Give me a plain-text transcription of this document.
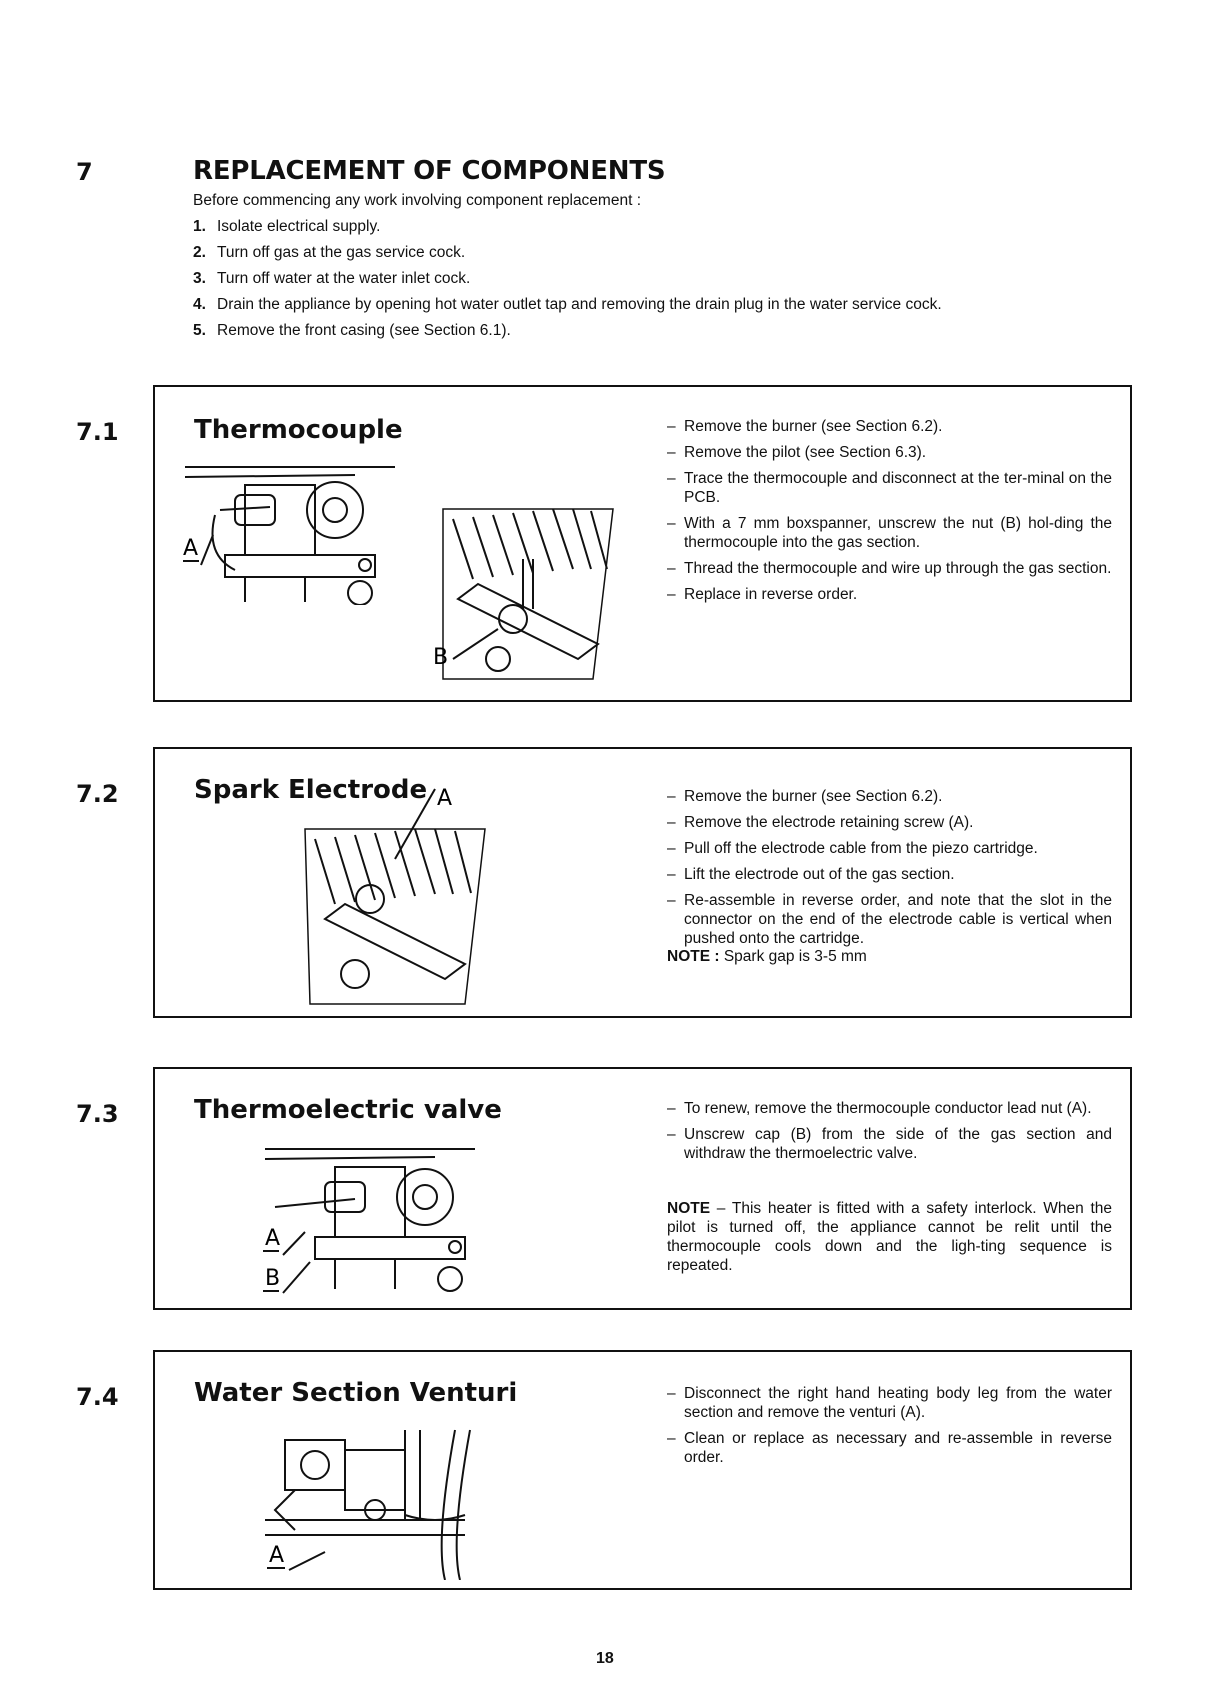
7	REPLACEMENT OF COMPONENTS
Before commencing any work involving component replacement :
1. Isolate electrical supply.
2. Turn off gas at the gas service cock.
3. Turn off water at the water inlet cock.
4. Drain the appliance by opening hot water outlet tap and removing the drain plug in the water service cock.
5. Remove the front casing (see Section 6.1).
7.1	Thermocouple
A
B
– Remove the burner (see Section 6.2).
– Remove the pilot (see Section 6.3).
– Trace the thermocouple and disconnect at the ter-minal on the PCB.
– With a 7 mm boxspanner, unscrew the nut (B) hol-ding the thermocouple into the gas section.
– Thread the thermocouple and wire up through the gas section.
– Replace in reverse order.
7.2	Spark Electrode A	– Remove the burner (see Section 6.2).
– Remove the electrode retaining screw (A).
– Pull off the electrode cable from the piezo cartridge.
– Lift the electrode out of the gas section.
– Re-assemble in reverse order, and note that the slot in the connector on the end of the electrode cable is vertical when pushed onto the cartridge.
NOTE : Spark gap is 3-5 mm
7.3	Thermoelectric valve
A
B
– To renew, remove the thermocouple conductor lead nut (A).
– Unscrew cap (B) from the side of the gas section and withdraw the thermoelectric valve.
NOTE – This heater is fitted with a safety interlock. When the pilot is turned off, the appliance cannot be relit until the thermocouple cools down and the ligh-ting sequence is repeated.
7.4	Water Section Venturi
A
– Disconnect the right hand heating body leg from the water section and remove the venturi (A).
– Clean or replace as necessary and re-assemble in reverse order.
18
